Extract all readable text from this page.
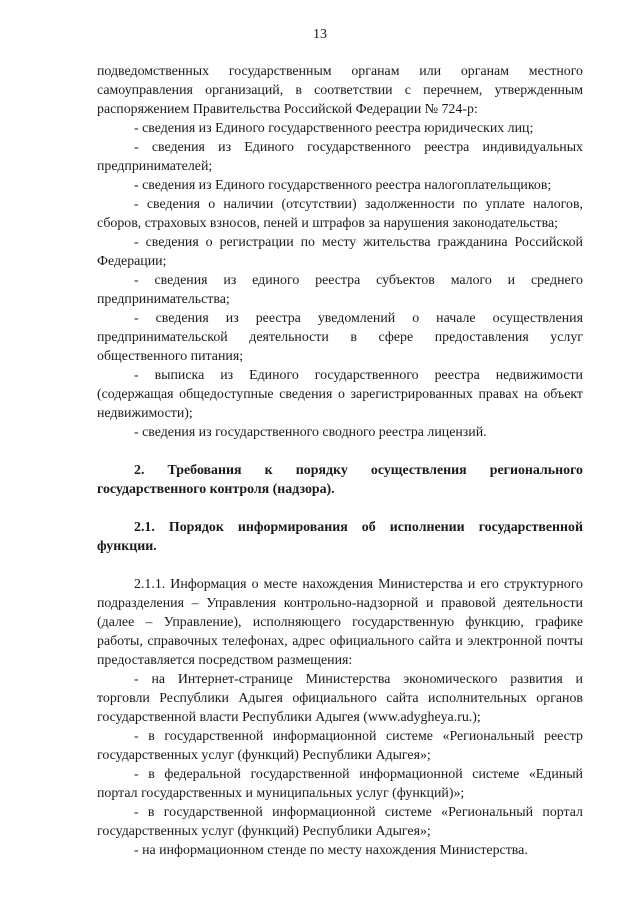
13

подведомственных государственным органам или органам местного самоуправления организаций, в соответствии с перечнем, утвержденным распоряжением Правительства Российской Федерации № 724-р:

- сведения из Единого государственного реестра юридических лиц;

- сведения из Единого государственного реестра индивидуальных предпринимателей;

- сведения из Единого государственного реестра налогоплательщиков;

- сведения о наличии (отсутствии) задолженности по уплате налогов, сборов, страховых взносов, пеней и штрафов за нарушения законодательства;

- сведения о регистрации по месту жительства гражданина Российской Федерации;

- сведения из единого реестра субъектов малого и среднего предпринимательства;

- сведения из реестра уведомлений о начале осуществления предпринимательской деятельности в сфере предоставления услуг общественного питания;

- выписка из Единого государственного реестра недвижимости (содержащая общедоступные сведения о зарегистрированных правах на объект недвижимости);

- сведения из государственного сводного реестра лицензий.

2. Требования к порядку осуществления регионального государственного контроля (надзора).

2.1. Порядок информирования об исполнении государственной функции.

2.1.1. Информация о месте нахождения Министерства и его структурного подразделения – Управления контрольно-надзорной и правовой деятельности (далее – Управление), исполняющего государственную функцию, графике работы, справочных телефонах, адрес официального сайта и электронной почты предоставляется посредством размещения:

- на Интернет-странице Министерства экономического развития и торговли Республики Адыгея официального сайта исполнительных органов государственной власти Республики Адыгея (www.adygheya.ru.);

- в государственной информационной системе «Региональный реестр государственных услуг (функций) Республики Адыгея»;

- в федеральной государственной информационной системе «Единый портал государственных и муниципальных услуг (функций)»;

- в государственной информационной системе «Региональный портал государственных услуг (функций) Республики Адыгея»;

- на информационном стенде по месту нахождения Министерства.
